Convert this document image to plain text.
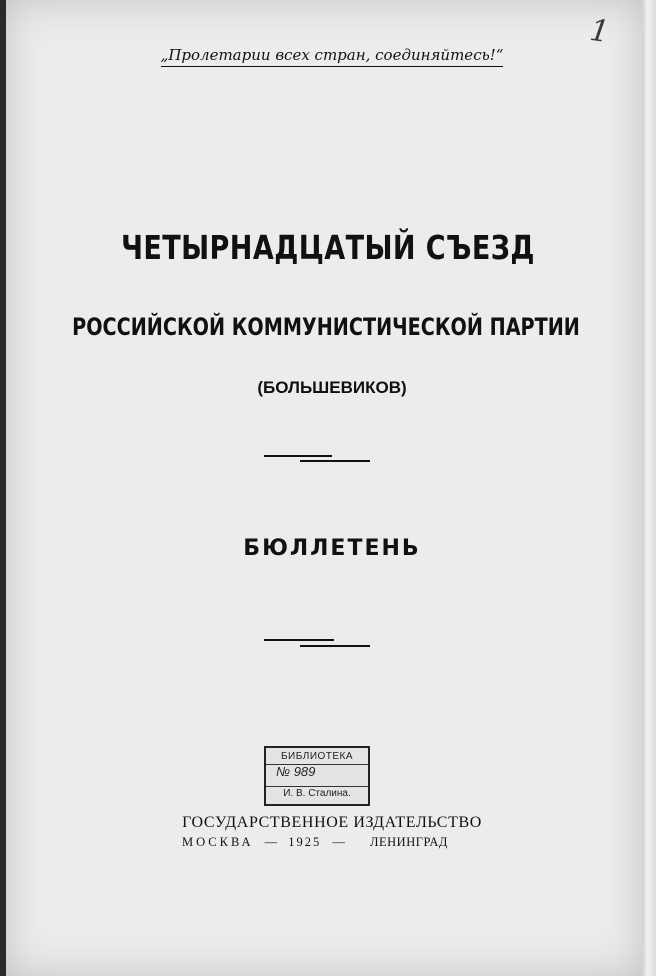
1
„Пролетарии всех стран, соединяйтесь!“
ЧЕТЫРНАДЦАТЫЙ СЪЕЗД
РОССИЙСКОЙ КОММУНИСТИЧЕСКОЙ ПАРТИИ
(БОЛЬШЕВИКОВ)
БЮЛЛЕТЕНЬ
БИБЛИОТЕКА
№ 989
И. В. Сталина.
ГОСУДАРСТВЕННОЕ ИЗДАТЕЛЬСТВО
МОСКВА — 1925 — ЛЕНИНГРАД
